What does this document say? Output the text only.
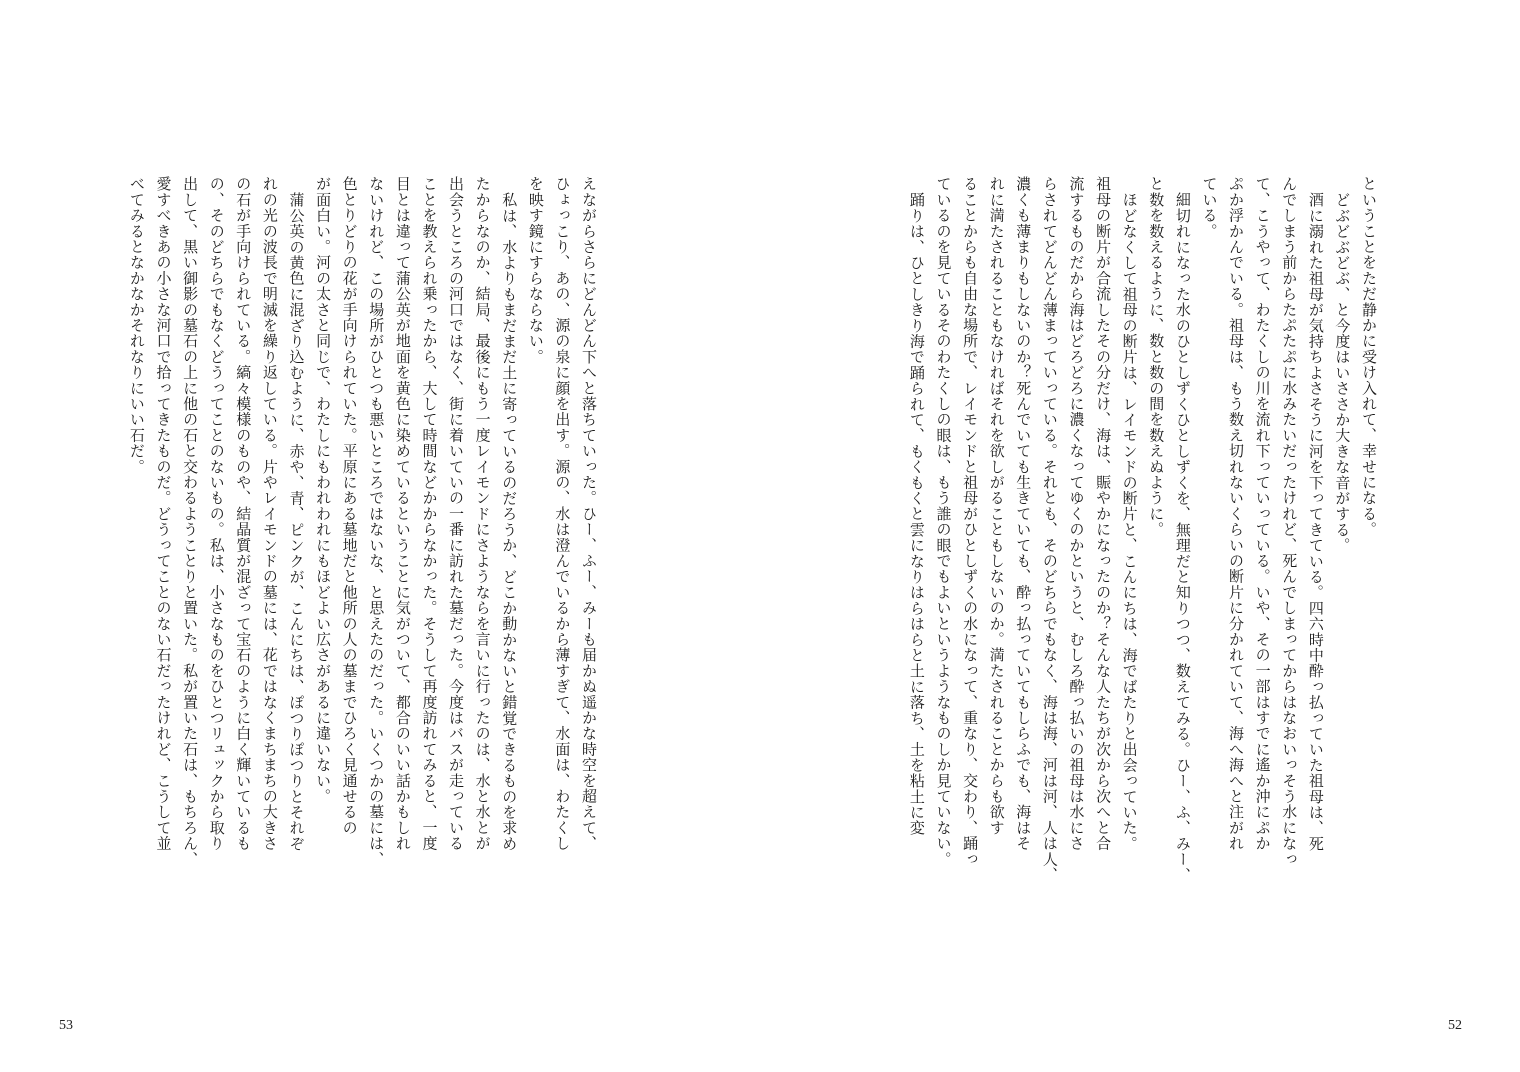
えながらさらにどんどん下へと落ちていった。ひー、ふー、みーも届かぬ遥かな時空を超えて、
ひょっこり、あの、源の泉に顔を出す。源の、水は澄んでいるから薄すぎて、水面は、わたくし
を映す鏡にすらならない。
私は、水よりもまだまだ土に寄っているのだろうか、どこか動かないと錯覚できるものを求め
たからなのか、結局、最後にもう一度レイモンドにさようならを言いに行ったのは、水と水とが
出会うところの河口ではなく、街に着いていの一番に訪れた墓だった。今度はバスが走っている
ことを教えられ乗ったから、大して時間などかからなかった。そうして再度訪れてみると、一度
目とは違って蒲公英が地面を黄色に染めているということに気がついて、都合のいい話かもしれ
ないけれど、この場所がひとつも悪いところではないな、と思えたのだった。いくつかの墓には、
色とりどりの花が手向けられていた。平原にある墓地だと他所の人の墓までひろく見通せるの
が面白い。河の太さと同じで、わたしにもわれわれにもほどよい広さがあるに違いない。
蒲公英の黄色に混ざり込むように、赤や、青、ピンクが、こんにちは、ぽつりぽつりとそれぞ
れの光の波長で明滅を繰り返している。片やレイモンドの墓には、花ではなくまちまちの大きさ
の石が手向けられている。縞々模様のものや、結晶質が混ざって宝石のように白く輝いているも
の、そのどちらでもなくどうってことのないもの。私は、小さなものをひとつリュックから取り
出して、黒い御影の墓石の上に他の石と交わるようことりと置いた。私が置いた石は、もちろん、
愛すべきあの小さな河口で拾ってきたものだ。どうってことのない石だったけれど、こうして並
べてみるとなかなかそれなりにいい石だ。
53
ということをただ静かに受け入れて、幸せになる。
どぶどぶどぶ、と今度はいささか大きな音がする。
酒に溺れた祖母が気持ちよさそうに河を下ってきている。四六時中酔っ払っていた祖母は、死
んでしまう前からたぷたぷに水みたいだったけれど、死んでしまってからはなおいっそう水になっ
て、こうやって、わたくしの川を流れ下っていっている。いや、その一部はすでに遙か沖にぷか
ぷか浮かんでいる。祖母は、もう数え切れないくらいの断片に分かれていて、海へ海へと注がれ
ている。
細切れになった水のひとしずくひとしずくを、無理だと知りつつ、数えてみる。ひー、ふ、みー、
と数を数えるように、数と数の間を数えぬように。
ほどなくして祖母の断片は、レイモンドの断片と、こんにちは、海でばたりと出会っていた。
祖母の断片が合流したその分だけ、海は、賑やかになったのか？そんな人たちが次から次へと合
流するものだから海はどろどろに濃くなってゆくのかというと、むしろ酔っ払いの祖母は水にさ
らされてどんどん薄まっていっている。それとも、そのどちらでもなく、海は海、河は河、人は人、
濃くも薄まりもしないのか？死んでいても生きていても、酔っ払っていてもしらふでも、海はそ
れに満たされることもなければそれを欲しがることもしないのか。満たされることからも欲す
ることからも自由な場所で、レイモンドと祖母がひとしずくの水になって、重なり、交わり、踊っ
ているのを見ているそのわたくしの眼は、もう誰の眼でもよいというようなものしか見ていない。
踊りは、ひとしきり海で踊られて、もくもくと雲になりはらはらと土に落ち、土を粘土に変
52
